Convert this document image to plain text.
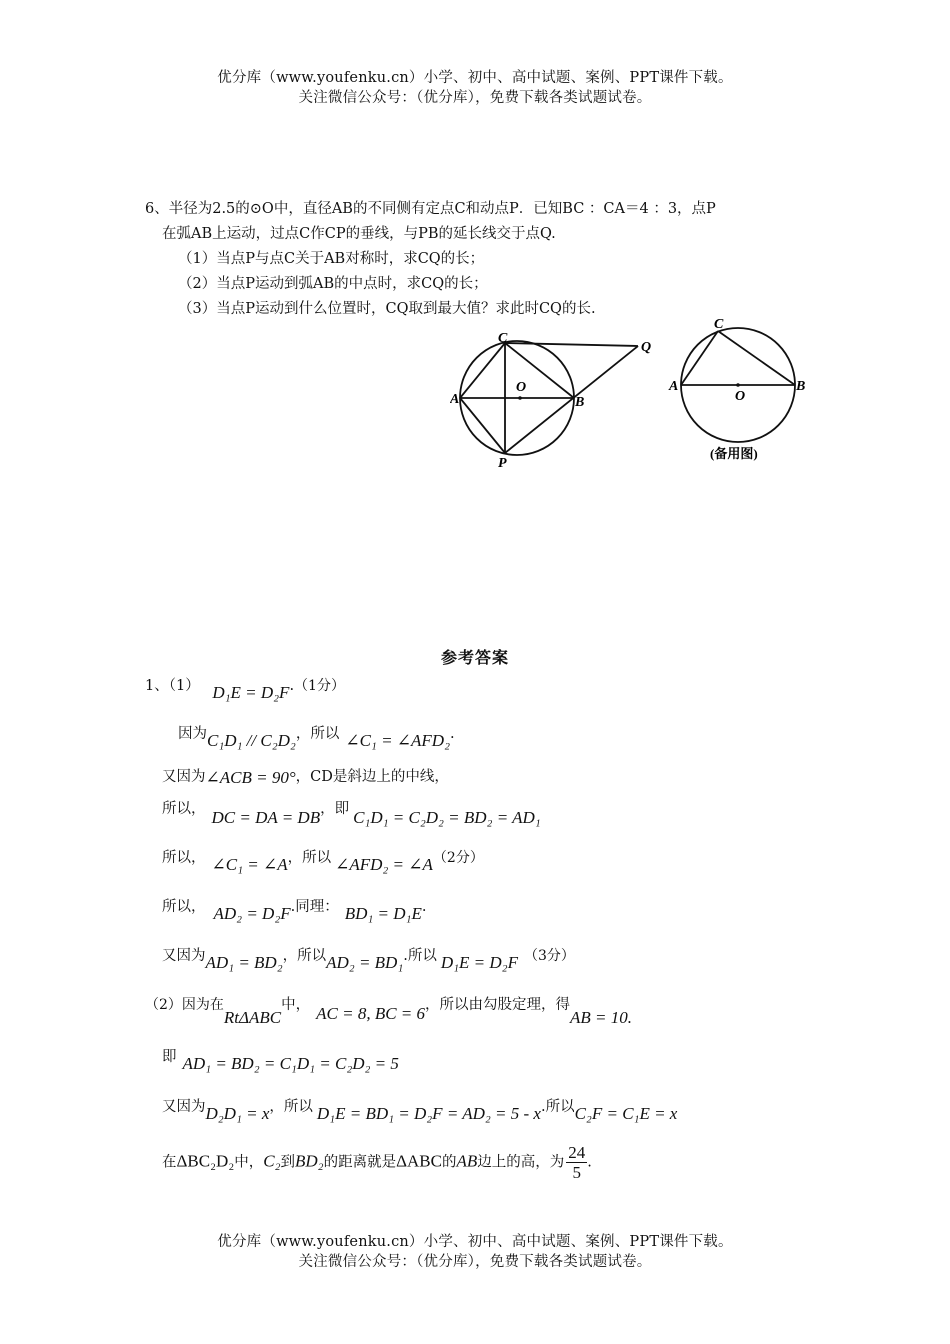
优分库（www.youfenku.cn）小学、初中、高中试题、案例、PPT课件下载。
关注微信公众号：（优分库），免费下载各类试题试卷。
6、半径为2.5的⊙O中，直径AB的不同侧有定点C和动点P．已知BC ：CA＝4 ：3，点P
在弧AB上运动，过点C作CP的垂线，与PB的延长线交于点Q.
（1）当点P与点C关于AB对称时，求CQ的长；
（2）当点P运动到弧AB的中点时，求CQ的长；
（3）当点P运动到什么位置时，CQ取到最大值？求此时CQ的长.
C
Q
A
O
B
P
C
A
O
B
(备用图)
参考答案
1、（1） D₁E = D₂F.（1分）
因为C₁D₁ // C₂D₂，所以 ∠C₁ = ∠AFD₂.
又因为∠ACB = 90°，CD是斜边上的中线，
所以， DC = DA = DB，即 C₁D₁ = C₂D₂ = BD₂ = AD₁
所以， ∠C₁ = ∠A，所以 ∠AFD₂ = ∠A（2分）
所以， AD₂ = D₂F.同理： BD₁ = D₁E.
又因为AD₁ = BD₂，所以AD₂ = BD₁.所以 D₁E = D₂F （3分）
（2）因为在RtΔABC中， AC = 8, BC = 6，所以由勾股定理，得AB = 10.
即 AD₁ = BD₂ = C₁D₁ = C₂D₂ = 5
又因为D₂D₁ = x，所以 D₁E = BD₁ = D₂F = AD₂ = 5 - x.所以C₂F = C₁E = x
在ΔBC₂D₂中，C₂到BD₂的距离就是ΔABC的AB边上的高，为 $\frac{24}{5}$ .
优分库（www.youfenku.cn）小学、初中、高中试题、案例、PPT课件下载。
关注微信公众号：（优分库），免费下载各类试题试卷。
